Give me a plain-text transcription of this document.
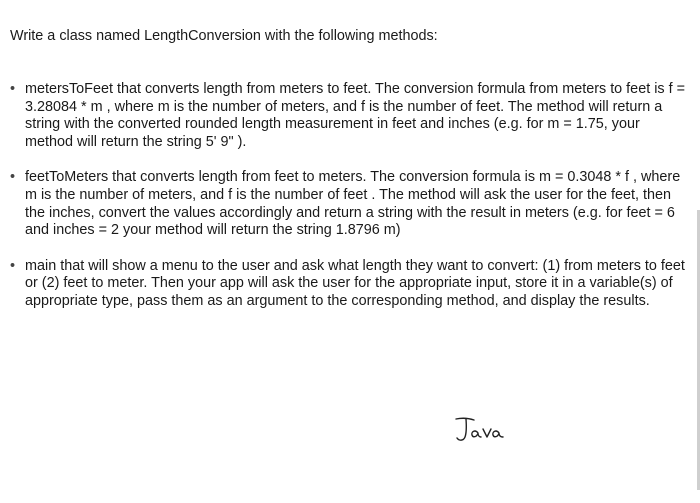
Write a class named LengthConversion with the following methods:
• metersToFeet that converts length from meters to feet. The conversion formula from meters to feet is f = 3.28084 * m , where m is the number of meters, and f is the number of feet. The method will return a string with the converted rounded length measurement in feet and inches (e.g. for m = 1.75, your method will return the string 5' 9" ).
• feetToMeters that converts length from feet to meters. The conversion formula is m = 0.3048 * f , where m is the number of meters, and f is the number of feet . The method will ask the user for the feet, then the inches, convert the values accordingly and return a string with the result in meters (e.g. for feet = 6 and inches = 2 your method will return the string 1.8796 m)
• main that will show a menu to the user and ask what length they want to convert: (1) from meters to feet or (2) feet to meter. Then your app will ask the user for the appropriate input, store it in a variable(s) of appropriate type, pass them as an argument to the corresponding method, and display the results.
